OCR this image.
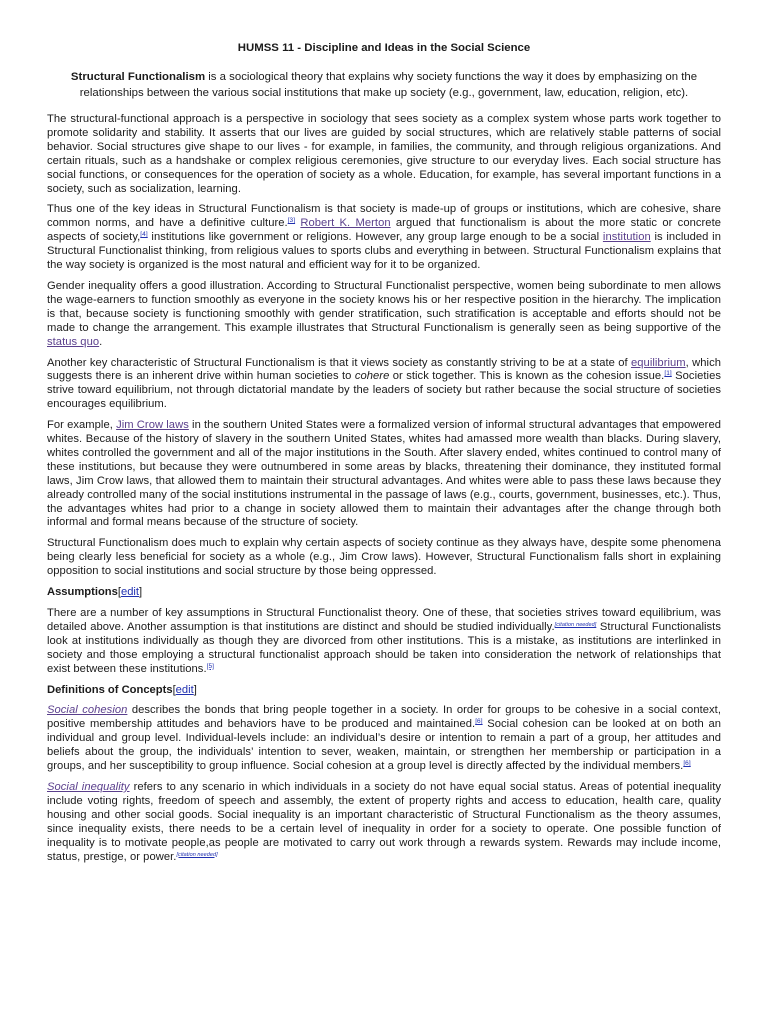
HUMSS 11 - Discipline and Ideas in the Social Science
Structural Functionalism is a sociological theory that explains why society functions the way it does by emphasizing on the relationships between the various social institutions that make up society (e.g., government, law, education, religion, etc).

The structural-functional approach is a perspective in sociology that sees society as a complex system whose parts work together to promote solidarity and stability. It asserts that our lives are guided by social structures, which are relatively stable patterns of social behavior. Social structures give shape to our lives - for example, in families, the community, and through religious organizations. And certain rituals, such as a handshake or complex religious ceremonies, give structure to our everyday lives. Each social structure has social functions, or consequences for the operation of society as a whole. Education, for example, has several important functions in a society, such as socialization, learning.

Thus one of the key ideas in Structural Functionalism is that society is made-up of groups or institutions, which are cohesive, share common norms, and have a definitive culture.[3] Robert K. Merton argued that functionalism is about the more static or concrete aspects of society,[4] institutions like government or religions. However, any group large enough to be a social institution is included in Structural Functionalist thinking, from religious values to sports clubs and everything in between. Structural Functionalism explains that the way society is organized is the most natural and efficient way for it to be organized.

Gender inequality offers a good illustration. According to Structural Functionalist perspective, women being subordinate to men allows the wage-earners to function smoothly as everyone in the society knows his or her respective position in the hierarchy. The implication is that, because society is functioning smoothly with gender stratification, such stratification is acceptable and efforts should not be made to change the arrangement. This example illustrates that Structural Functionalism is generally seen as being supportive of the status quo.

Another key characteristic of Structural Functionalism is that it views society as constantly striving to be at a state of equilibrium, which suggests there is an inherent drive within human societies to cohere or stick together. This is known as the cohesion issue.[1] Societies strive toward equilibrium, not through dictatorial mandate by the leaders of society but rather because the social structure of societies encourages equilibrium.

For example, Jim Crow laws in the southern United States were a formalized version of informal structural advantages that empowered whites. Because of the history of slavery in the southern United States, whites had amassed more wealth than blacks. During slavery, whites controlled the government and all of the major institutions in the South. After slavery ended, whites continued to control many of these institutions, but because they were outnumbered in some areas by blacks, threatening their dominance, they instituted formal laws, Jim Crow laws, that allowed them to maintain their structural advantages. And whites were able to pass these laws because they already controlled many of the social institutions instrumental in the passage of laws (e.g., courts, government, businesses, etc.). Thus, the advantages whites had prior to a change in society allowed them to maintain their advantages after the change through both informal and formal means because of the structure of society.

Structural Functionalism does much to explain why certain aspects of society continue as they always have, despite some phenomena being clearly less beneficial for society as a whole (e.g., Jim Crow laws). However, Structural Functionalism falls short in explaining opposition to social institutions and social structure by those being oppressed.

Assumptions[edit]

There are a number of key assumptions in Structural Functionalist theory. One of these, that societies strives toward equilibrium, was detailed above. Another assumption is that institutions are distinct and should be studied individually.[citation needed] Structural Functionalists look at institutions individually as though they are divorced from other institutions. This is a mistake, as institutions are interlinked in society and those employing a structural functionalist approach should be taken into consideration the network of relationships that exist between these institutions.[5]

Definitions of Concepts[edit]

Social cohesion describes the bonds that bring people together in a society. In order for groups to be cohesive in a social context, positive membership attitudes and behaviors have to be produced and maintained.[6] Social cohesion can be looked at on both an individual and group level. Individual-levels include: an individual’s desire or intention to remain a part of a group, her attitudes and beliefs about the group, the individuals’ intention to sever, weaken, maintain, or strengthen her membership or participation in a groups, and her susceptibility to group influence. Social cohesion at a group level is directly affected by the individual members.[6]

Social inequality refers to any scenario in which individuals in a society do not have equal social status. Areas of potential inequality include voting rights, freedom of speech and assembly, the extent of property rights and access to education, health care, quality housing and other social goods. Social inequality is an important characteristic of Structural Functionalism as the theory assumes, since inequality exists, there needs to be a certain level of inequality in order for a society to operate. One possible function of inequality is to motivate people,as people are motivated to carry out work through a rewards system. Rewards may include income, status, prestige, or power.[citation needed]
